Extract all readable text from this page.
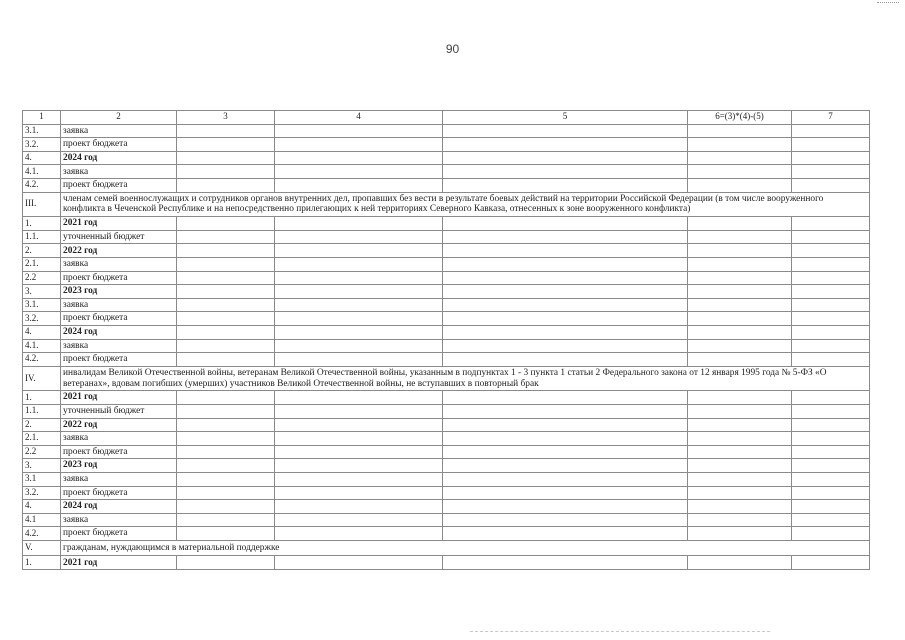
90
1	2	3	4	5	6=(3)*(4)-(5)	7
3.1.	заявка					
3.2.	проект бюджета					
4.	2024 год					
4.1.	заявка					
4.2.	проект бюджета					
III.	членам семей военнослужащих и сотрудников органов внутренних дел, пропавших без вести в результате боевых действий на территории Российской Федерации (в том числе вооруженного конфликта в Чеченской Республике и на непосредственно прилегающих к ней территориях Северного Кавказа, отнесенных к зоне вооруженного конфликта)					
1.	2021 год					
1.1.	уточненный бюджет					
2.	2022 год					
2.1.	заявка					
2.2	проект бюджета					
3.	2023 год					
3.1.	заявка					
3.2.	проект бюджета					
4.	2024 год					
4.1.	заявка					
4.2.	проект бюджета					
IV.	инвалидам Великой Отечественной войны, ветеранам Великой Отечественной войны, указанным в подпунктах 1 - 3 пункта 1 статьи 2 Федерального закона от 12 января 1995 года № 5-ФЗ «О ветеранах», вдовам погибших (умерших) участников Великой Отечественной войны, не вступавших в повторный брак					
1.	2021 год					
1.1.	уточненный бюджет					
2.	2022 год					
2.1.	заявка					
2.2	проект бюджета					
3.	2023 год					
3.1	заявка					
3.2.	проект бюджета					
4.	2024 год					
4.1	заявка					
4.2.	проект бюджета					
V.	гражданам, нуждающимся в материальной поддержке					
1.	2021 год					
